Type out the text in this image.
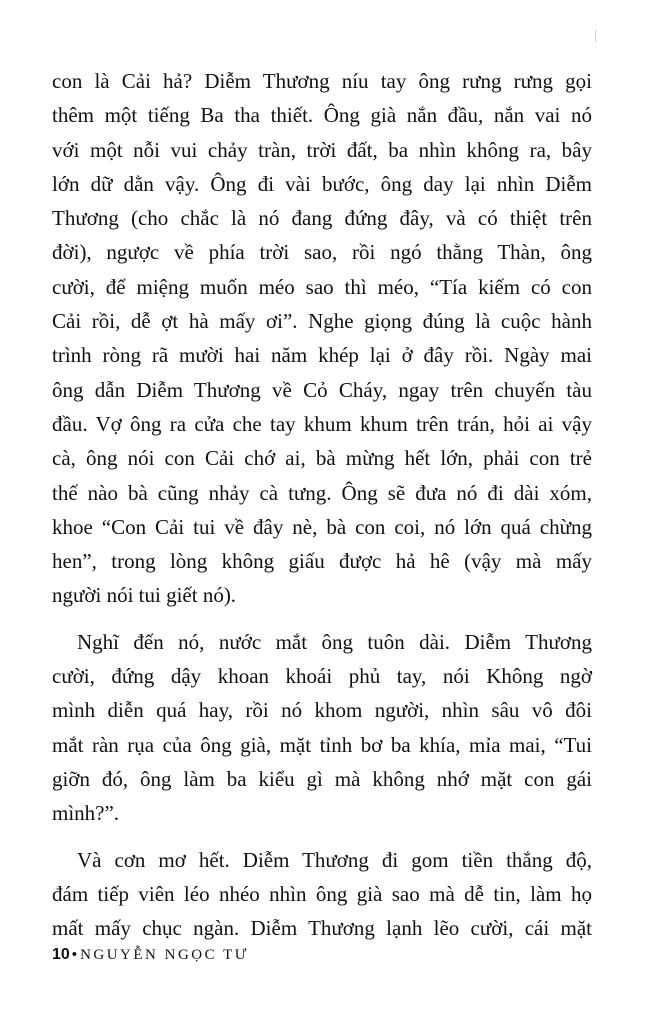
con là Cải hả? Diễm Thương níu tay ông rưng rưng gọi
thêm một tiếng Ba tha thiết. Ông già nắn đầu, nắn vai nó
với một nỗi vui chảy tràn, trời đất, ba nhìn không ra, bây
lớn dữ dằn vậy. Ông đi vài bước, ông day lại nhìn Diễm
Thương (cho chắc là nó đang đứng đây, và có thiệt trên
đời), ngược về phía trời sao, rồi ngó thằng Thàn, ông
cười, để miệng muốn méo sao thì méo, “Tía kiếm có con
Cải rồi, dễ ợt hà mấy ơi”. Nghe giọng đúng là cuộc hành
trình ròng rã mười hai năm khép lại ở đây rồi. Ngày mai
ông dẫn Diễm Thương về Cỏ Cháy, ngay trên chuyến tàu
đầu. Vợ ông ra cửa che tay khum khum trên trán, hỏi ai vậy
cà, ông nói con Cải chớ ai, bà mừng hết lớn, phải con trẻ
thế nào bà cũng nhảy cà tưng. Ông sẽ đưa nó đi dài xóm,
khoe “Con Cải tui về đây nè, bà con coi, nó lớn quá chừng
hen”, trong lòng không giấu được hả hê (vậy mà mấy
người nói tui giết nó).

Nghĩ đến nó, nước mắt ông tuôn dài. Diễm Thương
cười, đứng dậy khoan khoái phủ tay, nói Không ngờ
mình diễn quá hay, rồi nó khom người, nhìn sâu vô đôi
mắt ràn rụa của ông già, mặt tỉnh bơ ba khía, mỉa mai, “Tui
giỡn đó, ông làm ba kiểu gì mà không nhớ mặt con gái
mình?”.

Và cơn mơ hết. Diễm Thương đi gom tiền thắng độ,
đám tiếp viên léo nhéo nhìn ông già sao mà dễ tin, làm họ
mất mấy chục ngàn. Diễm Thương lạnh lẽo cười, cái mặt

10 • NGUYỄN NGỌC TƯ
